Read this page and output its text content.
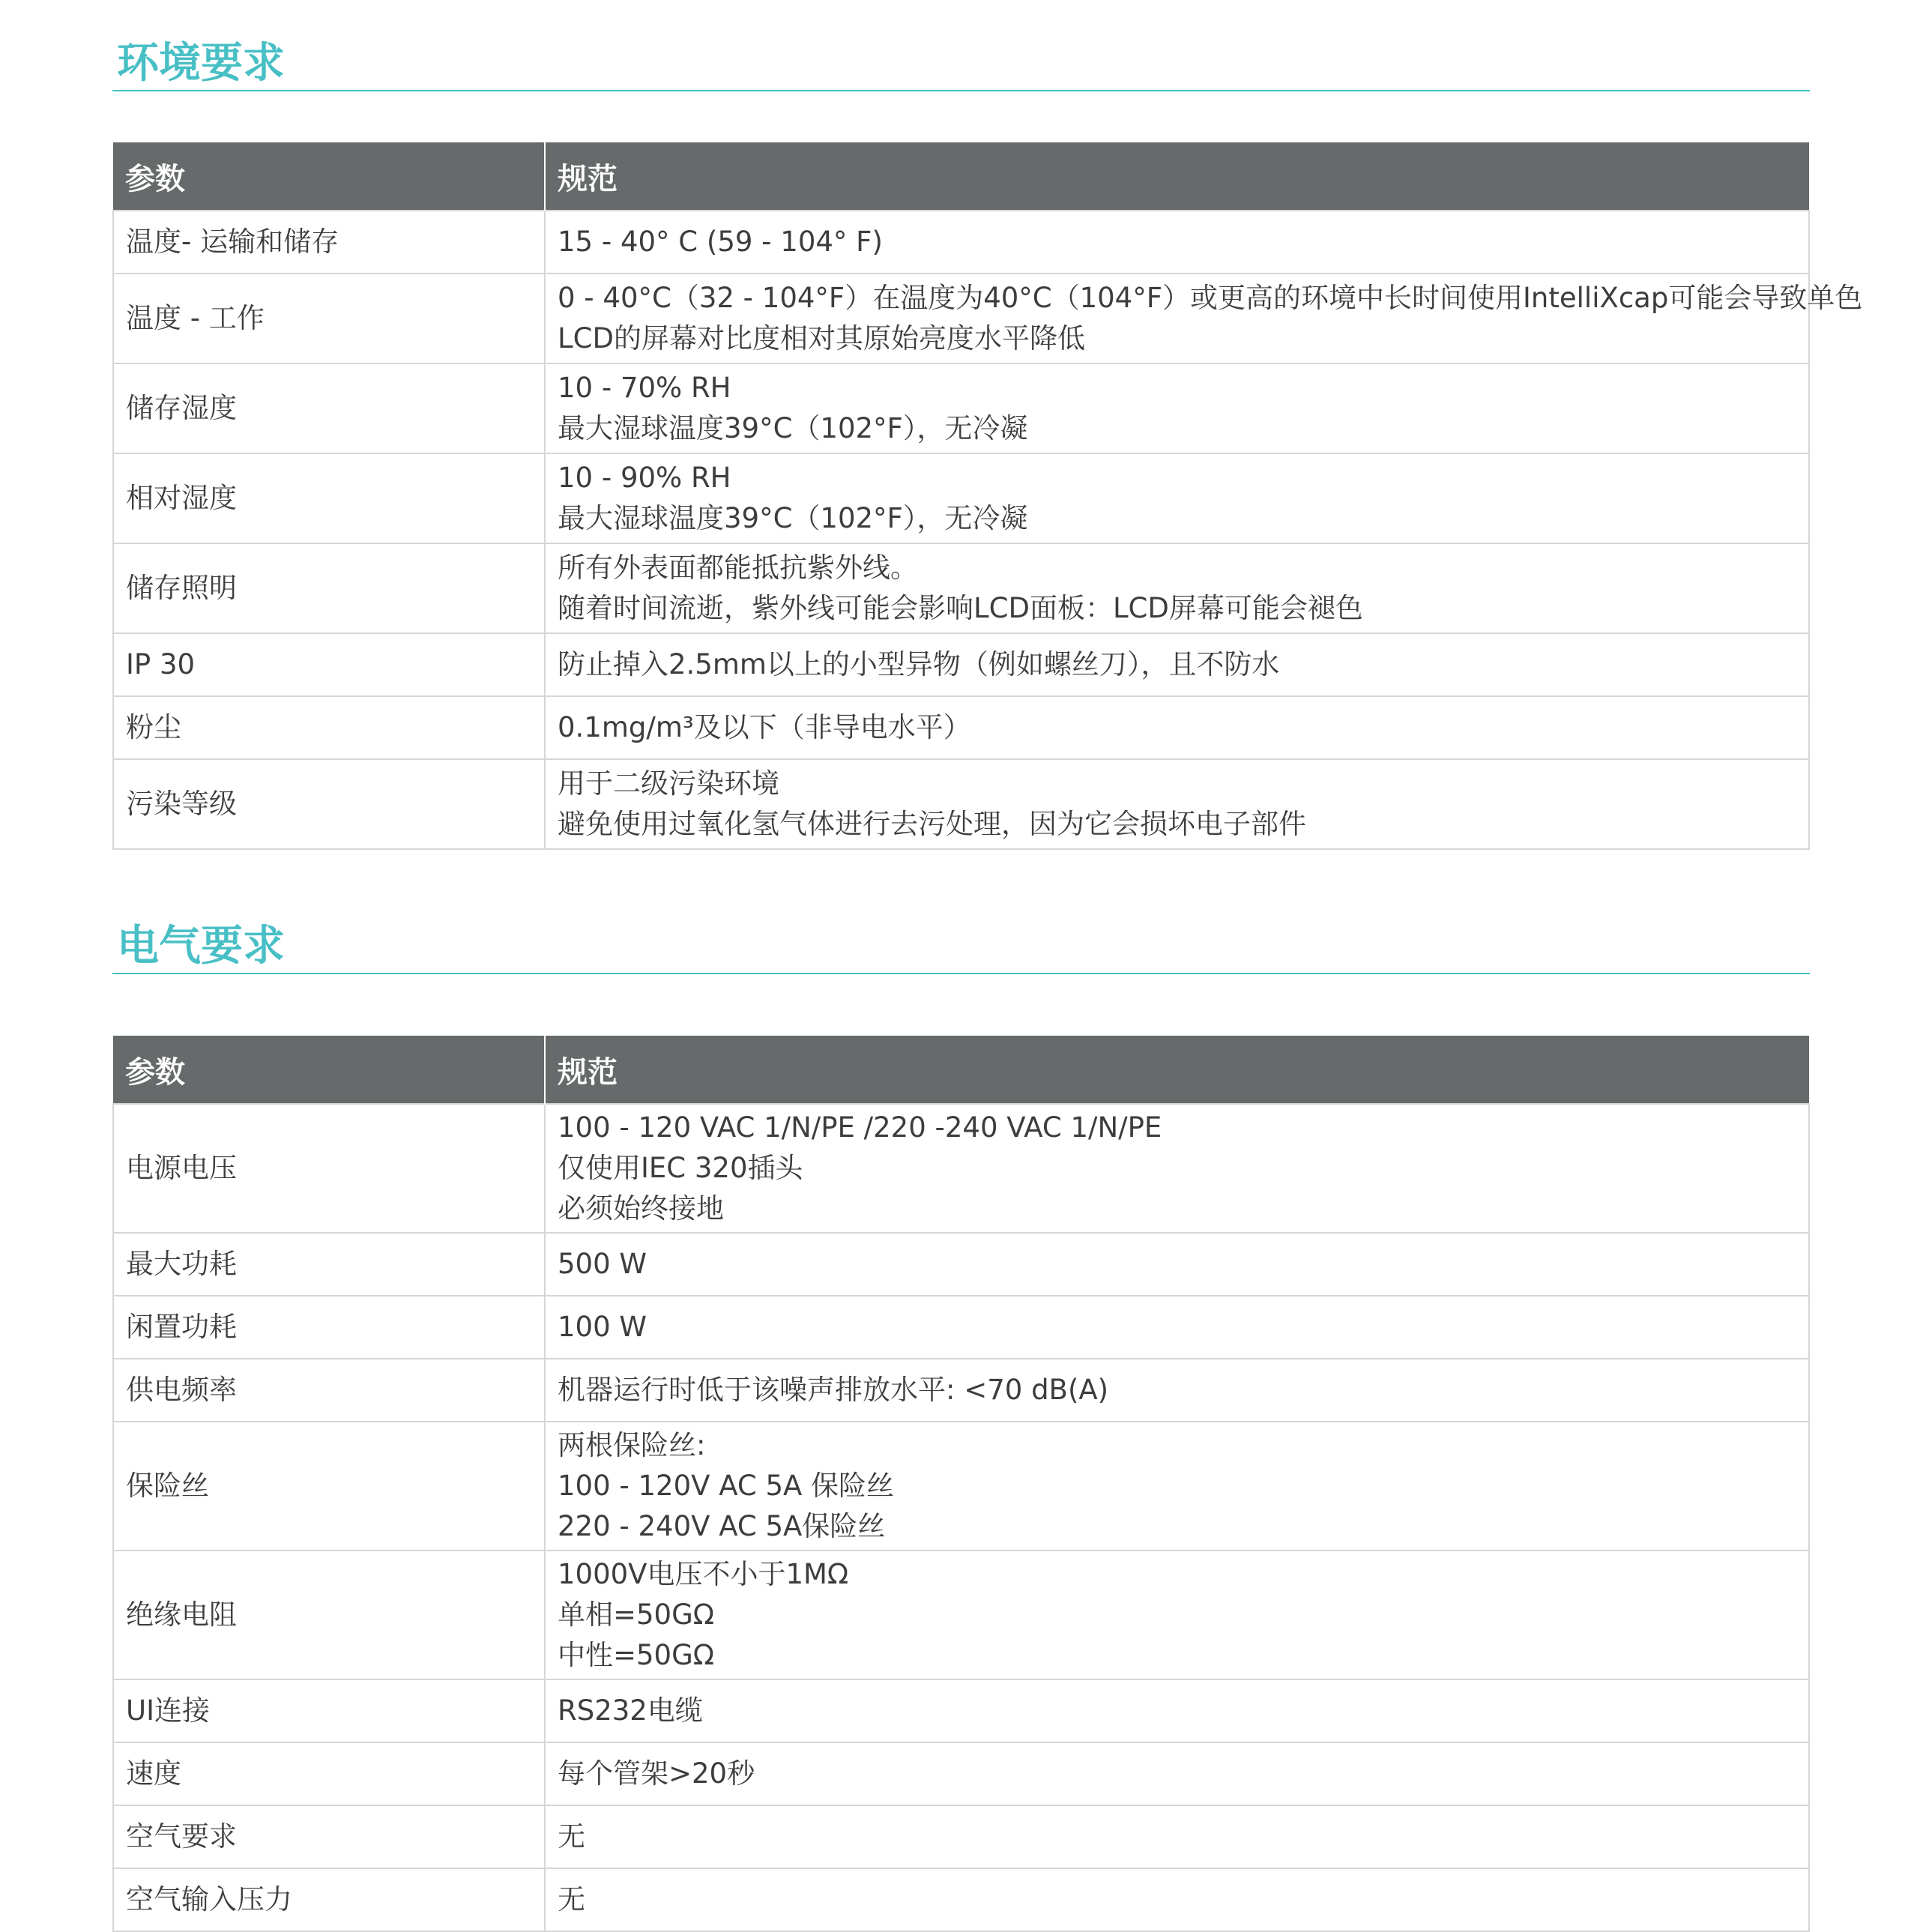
环境要求
参数	规范
温度- 运输和储存	15 - 40° C (59 - 104° F)

温度 - 工作	0 - 40°C（32 - 104°F）在温度为40°C（104°F）或更高的环境中长时间使用IntelliXcap可能会导致单色
LCD的屏幕对比度相对其原始亮度水平降低

储存湿度	10 - 70% RH
最大湿球温度39°C（102°F），无冷凝

相对湿度	10 - 90% RH
最大湿球温度39°C（102°F），无冷凝

储存照明	所有外表面都能抵抗紫外线。
随着时间流逝，紫外线可能会影响LCD面板：LCD屏幕可能会褪色

IP 30	防止掉入2.5mm以上的小型异物（例如螺丝刀），且不防水

粉尘	0.1mg/m³及以下（非导电水平）

污染等级	用于二级污染环境
避免使用过氧化氢气体进行去污处理，因为它会损坏电子部件
电气要求
参数	规范
电源电压	100 - 120 VAC 1/N/PE /220 -240 VAC 1/N/PE
仅使用IEC 320插头
必须始终接地

最大功耗	500 W

闲置功耗	100 W

供电频率	机器运行时低于该噪声排放水平: <70 dB(A)

保险丝	两根保险丝:
100 - 120V AC 5A 保险丝
220 - 240V AC 5A保险丝

绝缘电阻	1000V电压不小于1MΩ
单相=50GΩ
中性=50GΩ

UI连接	RS232电缆

速度	每个管架>20秒

空气要求	无

空气输入压力	无
